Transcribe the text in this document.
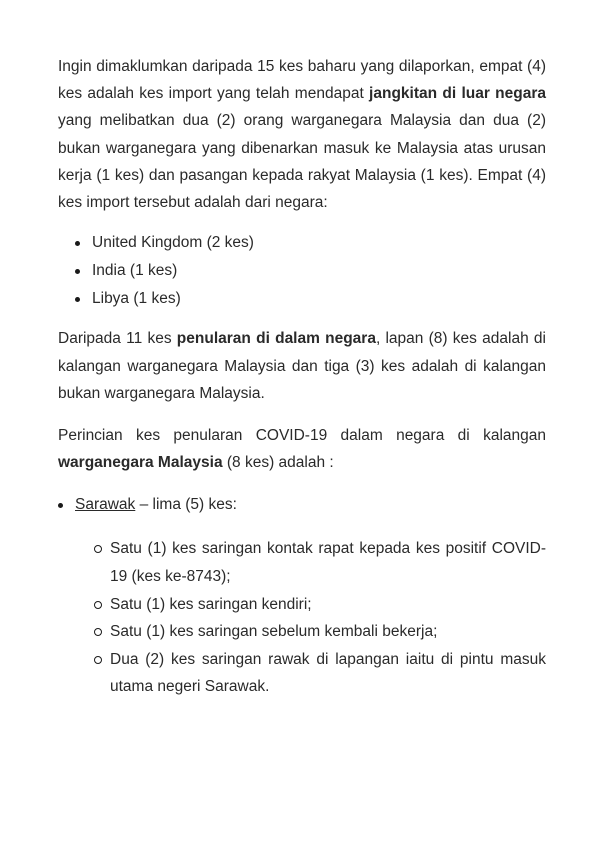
Ingin dimaklumkan daripada 15 kes baharu yang dilaporkan, empat (4) kes adalah kes import yang telah mendapat jangkitan di luar negara yang melibatkan dua (2) orang warganegara Malaysia dan dua (2) bukan warganegara yang dibenarkan masuk ke Malaysia atas urusan kerja (1 kes) dan pasangan kepada rakyat Malaysia (1 kes). Empat (4) kes import tersebut adalah dari negara:

United Kingdom (2 kes)
India (1 kes)
Libya (1 kes)

Daripada 11 kes penularan di dalam negara, lapan (8) kes adalah di kalangan warganegara Malaysia dan tiga (3) kes adalah di kalangan bukan warganegara Malaysia.

Perincian kes penularan COVID-19 dalam negara di kalangan warganegara Malaysia (8 kes) adalah :

Sarawak – lima (5) kes:
Satu (1) kes saringan kontak rapat kepada kes positif COVID-19 (kes ke-8743);
Satu (1) kes saringan kendiri;
Satu (1) kes saringan sebelum kembali bekerja;
Dua (2) kes saringan rawak di lapangan iaitu di pintu masuk utama negeri Sarawak.
